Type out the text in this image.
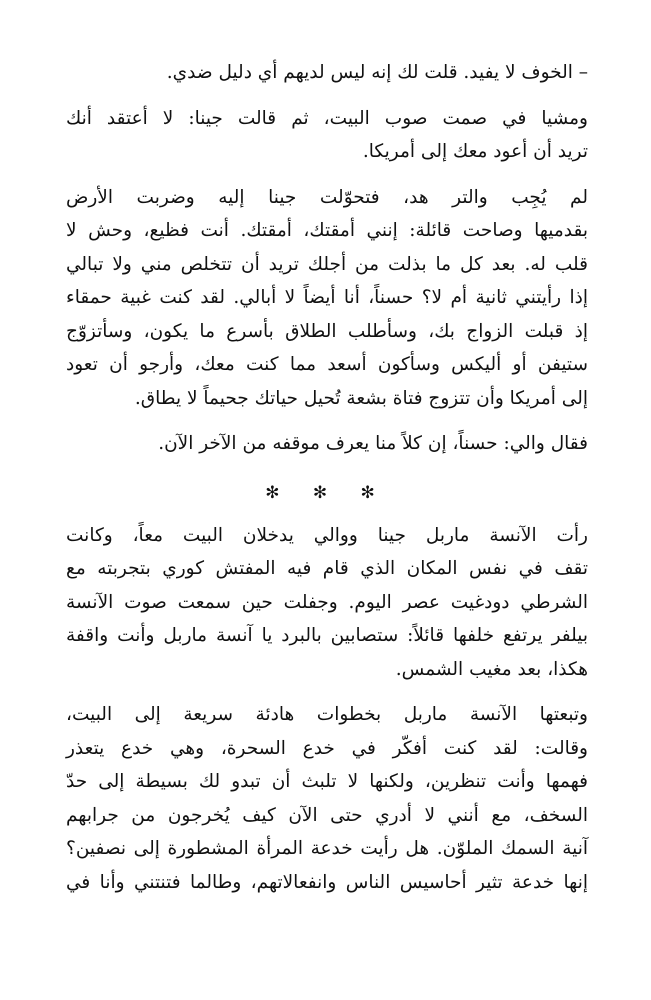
– الخوف لا يفيد. قلت لك إنه ليس لديهم أي دليل ضدي.

ومشيا في صمت صوب البيت، ثم قالت جينا: لا أعتقد أنك
تريد أن أعود معك إلى أمريكا.

لم يُجِب والتر هد، فتحوّلت جينا إليه وضربت الأرض
بقدميها وصاحت قائلة: إنني أمقتك، أمقتك. أنت فظيع، وحش لا
قلب له. بعد كل ما بذلت من أجلك تريد أن تتخلص مني ولا تبالي
إذا رأيتني ثانية أم لا؟ حسناً، أنا أيضاً لا أبالي. لقد كنت غبية حمقاء
إذ قبلت الزواج بك، وسأطلب الطلاق بأسرع ما يكون، وسأتزوّج
ستيفن أو أليكس وسأكون أسعد مما كنت معك، وأرجو أن تعود
إلى أمريكا وأن تتزوج فتاة بشعة تُحيل حياتك جحيماً لا يطاق.

فقال والي: حسناً، إن كلاً منا يعرف موقفه من الآخر الآن.

✻ ✻ ✻

رأت الآنسة ماربل جينا ووالي يدخلان البيت معاً، وكانت
تقف في نفس المكان الذي قام فيه المفتش كوري بتجربته مع
الشرطي دودغيت عصر اليوم. وجفلت حين سمعت صوت الآنسة
بيلفر يرتفع خلفها قائلاً: ستصابين بالبرد يا آنسة ماربل وأنت واقفة
هكذا، بعد مغيب الشمس.

وتبعتها الآنسة ماربل بخطوات هادئة سريعة إلى البيت،
وقالت: لقد كنت أفكّر في خدع السحرة، وهي خدع يتعذر
فهمها وأنت تنظرين، ولكنها لا تلبث أن تبدو لك بسيطة إلى حدّ
السخف، مع أنني لا أدري حتى الآن كيف يُخرجون من جرابهم
آنية السمك الملوّن. هل رأيت خدعة المرأة المشطورة إلى نصفين؟
إنها خدعة تثير أحاسيس الناس وانفعالاتهم، وطالما فتنتني وأنا في
